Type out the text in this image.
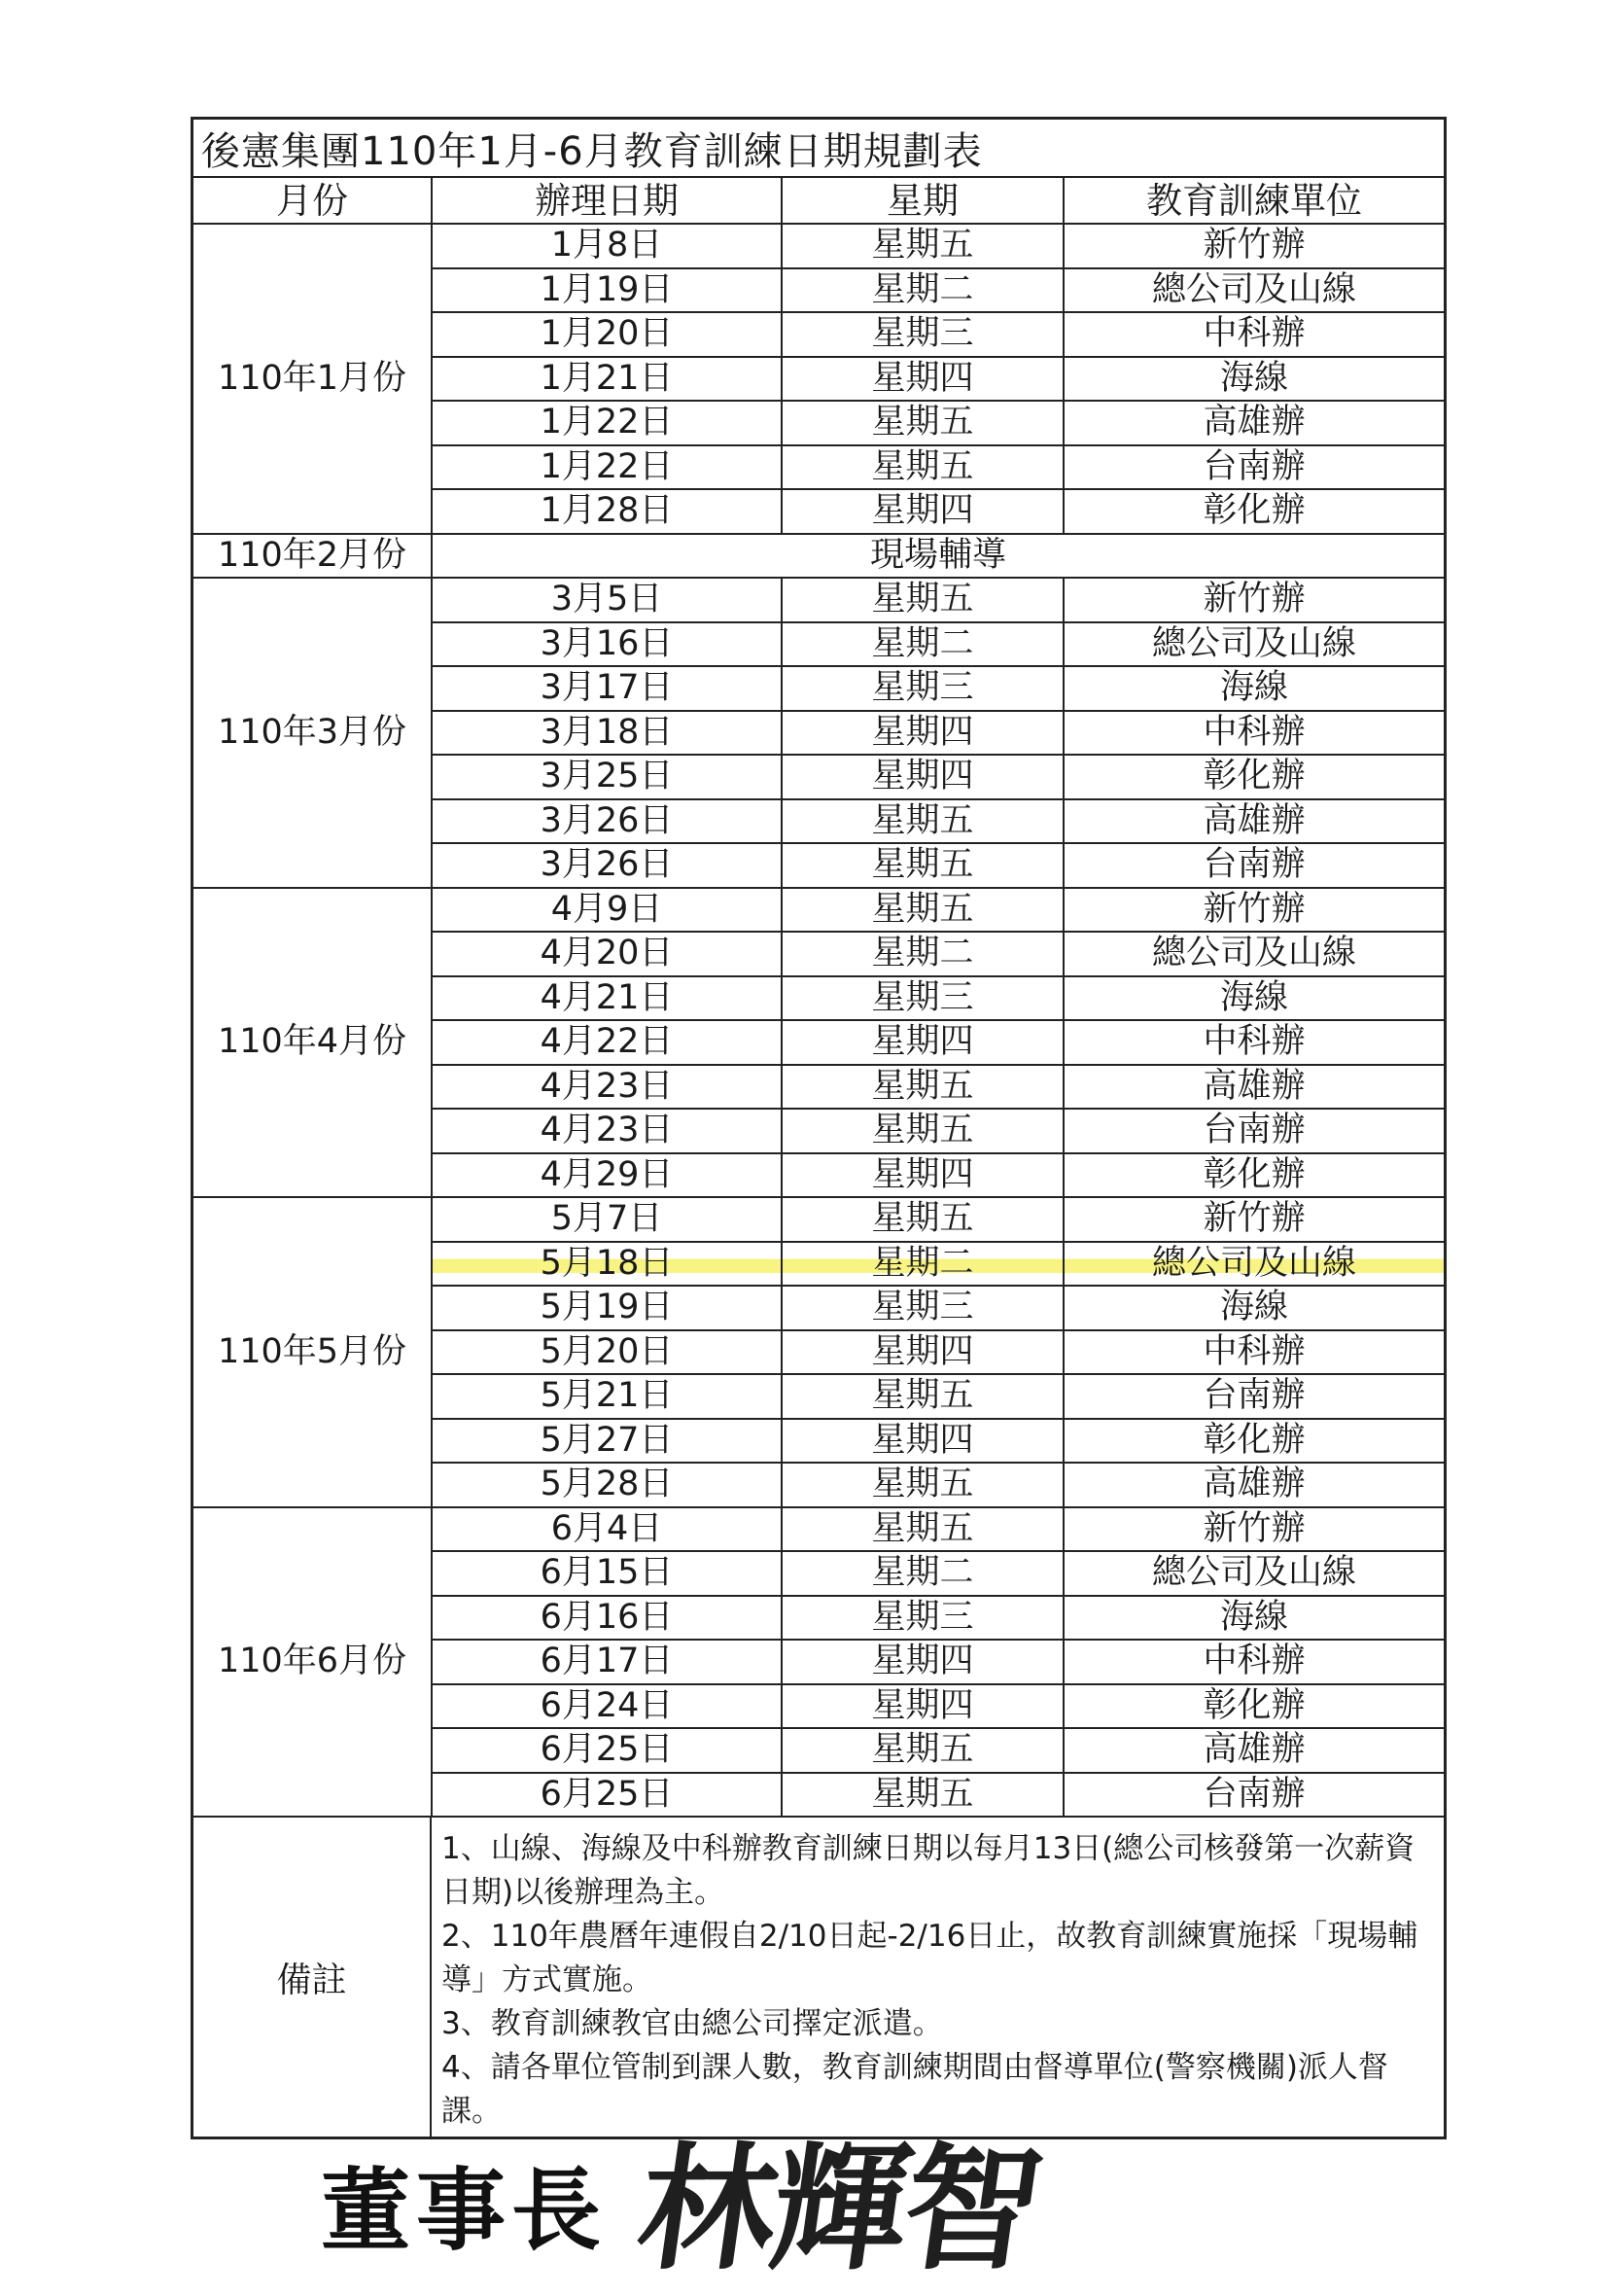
後憲集團110年1月-6月教育訓練日期規劃表
月份	辦理日期	星期	教育訓練單位
110年1月份	1月8日	星期五	新竹辦
	1月19日	星期二	總公司及山線
	1月20日	星期三	中科辦
	1月21日	星期四	海線
	1月22日	星期五	高雄辦
	1月22日	星期五	台南辦
	1月28日	星期四	彰化辦
110年2月份	現場輔導		
110年3月份	3月5日	星期五	新竹辦
	3月16日	星期二	總公司及山線
	3月17日	星期三	海線
	3月18日	星期四	中科辦
	3月25日	星期四	彰化辦
	3月26日	星期五	高雄辦
	3月26日	星期五	台南辦
110年4月份	4月9日	星期五	新竹辦
	4月20日	星期二	總公司及山線
	4月21日	星期三	海線
	4月22日	星期四	中科辦
	4月23日	星期五	高雄辦
	4月23日	星期五	台南辦
	4月29日	星期四	彰化辦
110年5月份	5月7日	星期五	新竹辦
	5月18日	星期二	總公司及山線
	5月19日	星期三	海線
	5月20日	星期四	中科辦
	5月21日	星期五	台南辦
	5月27日	星期四	彰化辦
	5月28日	星期五	高雄辦
110年6月份	6月4日	星期五	新竹辦
	6月15日	星期二	總公司及山線
	6月16日	星期三	海線
	6月17日	星期四	中科辦
	6月24日	星期四	彰化辦
	6月25日	星期五	高雄辦
	6月25日	星期五	台南辦
備註

1、山線、海線及中科辦教育訓練日期以每月13日(總公司核發第一次薪資日期)以後辦理為主。

2、110年農曆年連假自2/10日起-2/16日止，故教育訓練實施採「現場輔導」方式實施。

3、教育訓練教官由總公司擇定派遣。

4、請各單位管制到課人數，教育訓練期間由督導單位(警察機關)派人督課。

董事長 林輝智
